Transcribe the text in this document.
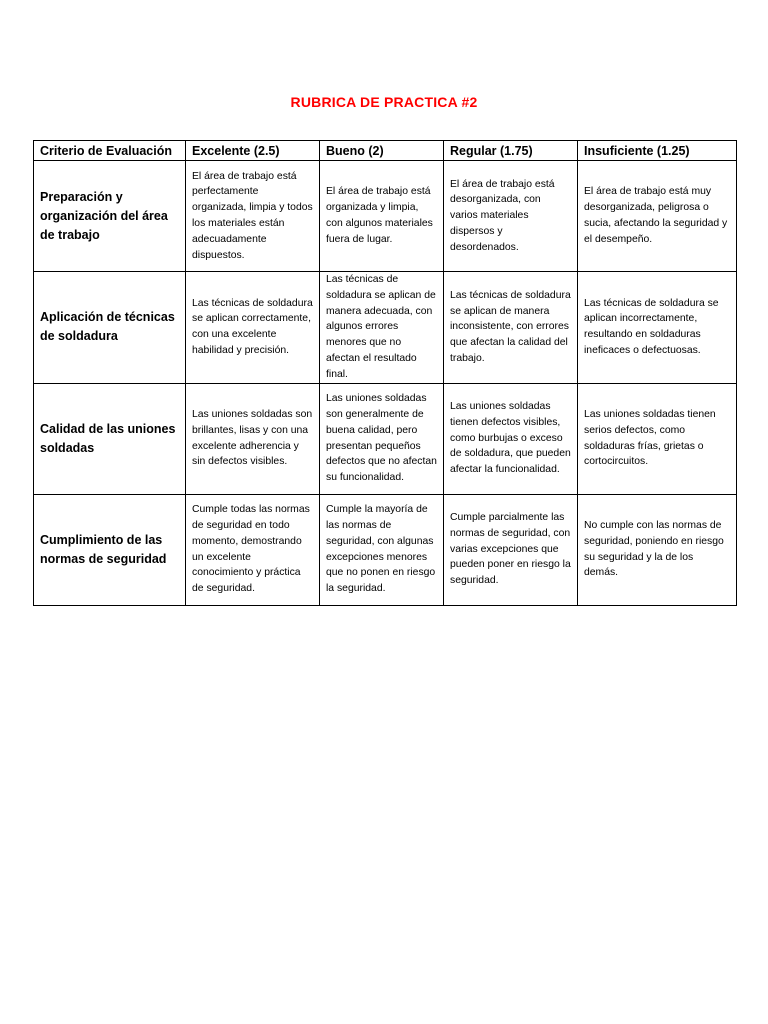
RUBRICA DE PRACTICA #2
Criterio de Evaluación	Excelente (2.5)	Bueno (2)	Regular (1.75)	Insuficiente (1.25)
Preparación y organización del área de trabajo	El área de trabajo está perfectamente organizada, limpia y todos los materiales están adecuadamente dispuestos.	El área de trabajo está organizada y limpia, con algunos materiales fuera de lugar.	El área de trabajo está desorganizada, con varios materiales dispersos y desordenados.	El área de trabajo está muy desorganizada, peligrosa o sucia, afectando la seguridad y el desempeño.
Aplicación de técnicas de soldadura	Las técnicas de soldadura se aplican correctamente, con una excelente habilidad y precisión.	Las técnicas de soldadura se aplican de manera adecuada, con algunos errores menores que no afectan el resultado final.	Las técnicas de soldadura se aplican de manera inconsistente, con errores que afectan la calidad del trabajo.	Las técnicas de soldadura se aplican incorrectamente, resultando en soldaduras ineficaces o defectuosas.
Calidad de las uniones soldadas	Las uniones soldadas son brillantes, lisas y con una excelente adherencia y sin defectos visibles.	Las uniones soldadas son generalmente de buena calidad, pero presentan pequeños defectos que no afectan su funcionalidad.	Las uniones soldadas tienen defectos visibles, como burbujas o exceso de soldadura, que pueden afectar la funcionalidad.	Las uniones soldadas tienen serios defectos, como soldaduras frías, grietas o cortocircuitos.
Cumplimiento de las normas de seguridad	Cumple todas las normas de seguridad en todo momento, demostrando un excelente conocimiento y práctica de seguridad.	Cumple la mayoría de las normas de seguridad, con algunas excepciones menores que no ponen en riesgo la seguridad.	Cumple parcialmente las normas de seguridad, con varias excepciones que pueden poner en riesgo la seguridad.	No cumple con las normas de seguridad, poniendo en riesgo su seguridad y la de los demás.
